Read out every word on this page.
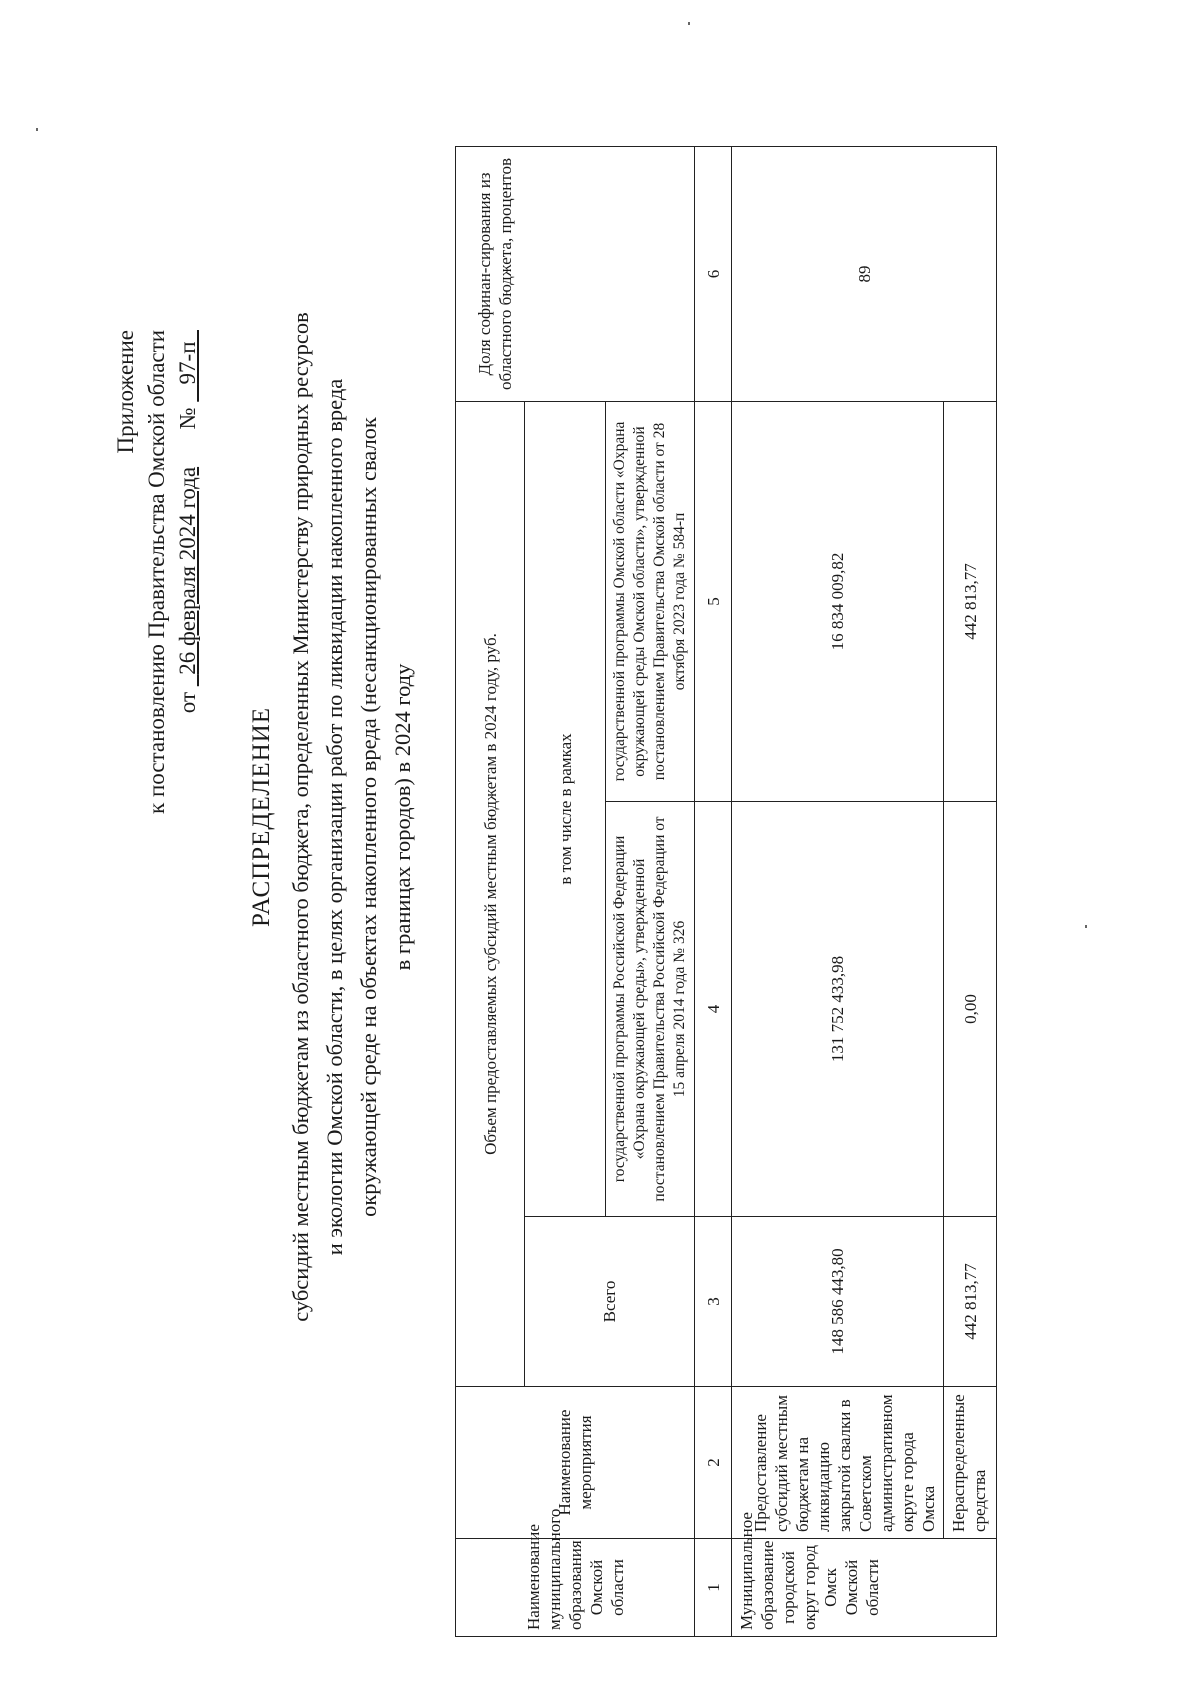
Приложение к постановлению Правительства Омской области от   26 февраля 2024 года  №    97-п
РАСПРЕДЕЛЕНИЕ субсидий местным бюджетам из областного бюджета, определенных Министерству природных ресурсов и экологии Омской области, в целях организации работ по ликвидации накопленного вреда окружающей среде на объектах накопленного вреда (несанкционированных свалок в границах городов) в 2024 году
Наименование муниципального образования Омской области	Наименование мероприятия	Объем предоставляемых субсидий местным бюджетам в 2024 году, руб.			Доля софинан-сирования из областного бюджета, процентов
		Всего	в том числе в рамках		
			государственной программы Российской Федерации «Охрана окружающей среды», утвержденной постановлением Правительства Российской Федерации от 15 апреля 2014 года № 326	государственной программы Омской области «Охрана окружающей среды Омской области», утвержденной постановлением Правительства Омской области от 28 октября 2023 года № 584-п	
1	2	3	4	5	6
Муниципальное образование городской округ город Омск Омской области	Предоставление субсидий местным бюджетам на ликвидацию закрытой свалки в Советском административном округе города Омска	148 586 443,80	131 752 433,98	16 834 009,82	89
	Нераспределенные средства	442 813,77	0,00	442 813,77	
